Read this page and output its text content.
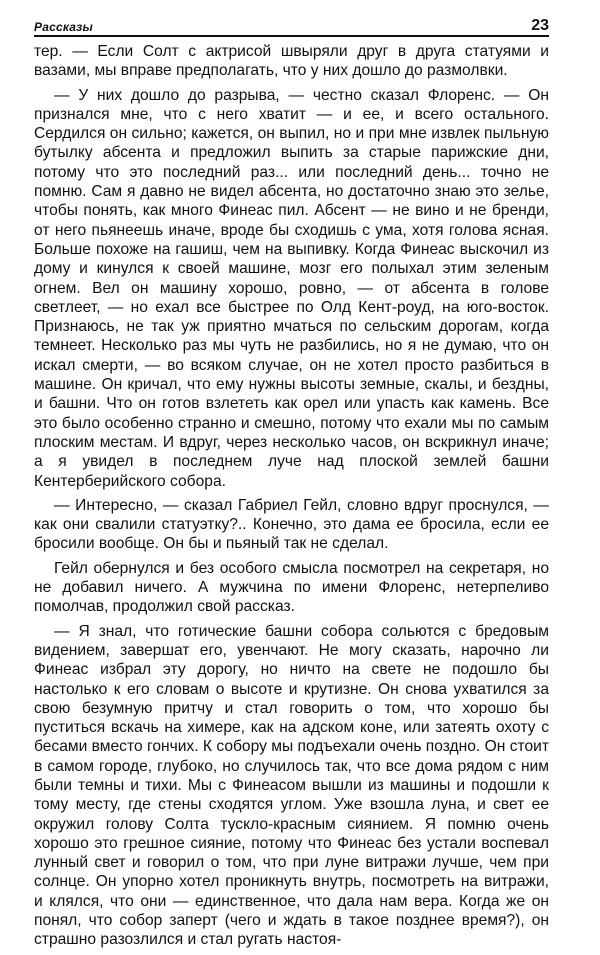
Рассказы	23

тер. — Если Солт с актрисой швыряли друг в друга статуями и вазами, мы вправе предполагать, что у них дошло до размолвки.

— У них дошло до разрыва, — честно сказал Флоренс. — Он признался мне, что с него хватит — и ее, и всего остального. Сердился он сильно; кажется, он выпил, но и при мне извлек пыльную бутылку абсента и предложил выпить за старые парижские дни, потому что это последний раз... или последний день... точно не помню. Сам я давно не видел абсента, но достаточно знаю это зелье, чтобы понять, как много Финеас пил. Абсент — не вино и не бренди, от него пьянеешь иначе, вроде бы сходишь с ума, хотя голова ясная. Больше похоже на гашиш, чем на выпивку. Когда Финеас выскочил из дому и кинулся к своей машине, мозг его полыхал этим зеленым огнем. Вел он машину хорошо, ровно, — от абсента в голове светлеет, — но ехал все быстрее по Олд Кент-роуд, на юго-восток. Признаюсь, не так уж приятно мчаться по сельским дорогам, когда темнеет. Несколько раз мы чуть не разбились, но я не думаю, что он искал смерти, — во всяком случае, он не хотел просто разбиться в машине. Он кричал, что ему нужны высоты земные, скалы, и бездны, и башни. Что он готов взлететь как орел или упасть как камень. Все это было особенно странно и смешно, потому что ехали мы по самым плоским местам. И вдруг, через несколько часов, он вскрикнул иначе; а я увидел в последнем луче над плоской землей башни Кентерберийского собора.

— Интересно, — сказал Габриел Гейл, словно вдруг проснулся, — как они свалили статуэтку?.. Конечно, это дама ее бросила, если ее бросили вообще. Он бы и пьяный так не сделал.

Гейл обернулся и без особого смысла посмотрел на секретаря, но не добавил ничего. А мужчина по имени Флоренс, нетерпеливо помолчав, продолжил свой рассказ.

— Я знал, что готические башни собора сольются с бредовым видением, завершат его, увенчают. Не могу сказать, нарочно ли Финеас избрал эту дорогу, но ничто на свете не подошло бы настолько к его словам о высоте и крутизне. Он снова ухватился за свою безумную притчу и стал говорить о том, что хорошо бы пуститься вскачь на химере, как на адском коне, или затеять охоту с бесами вместо гончих. К собору мы подъехали очень поздно. Он стоит в самом городе, глубоко, но случилось так, что все дома рядом с ним были темны и тихи. Мы с Финеасом вышли из машины и подошли к тому месту, где стены сходятся углом. Уже взошла луна, и свет ее окружил голову Солта тускло-красным сиянием. Я помню очень хорошо это грешное сияние, потому что Финеас без устали воспевал лунный свет и говорил о том, что при луне витражи лучше, чем при солнце. Он упорно хотел проникнуть внутрь, посмотреть на витражи, и клялся, что они — единственное, что дала нам вера. Когда же он понял, что собор заперт (чего и ждать в такое позднее время?), он страшно разозлился и стал ругать настоя-
